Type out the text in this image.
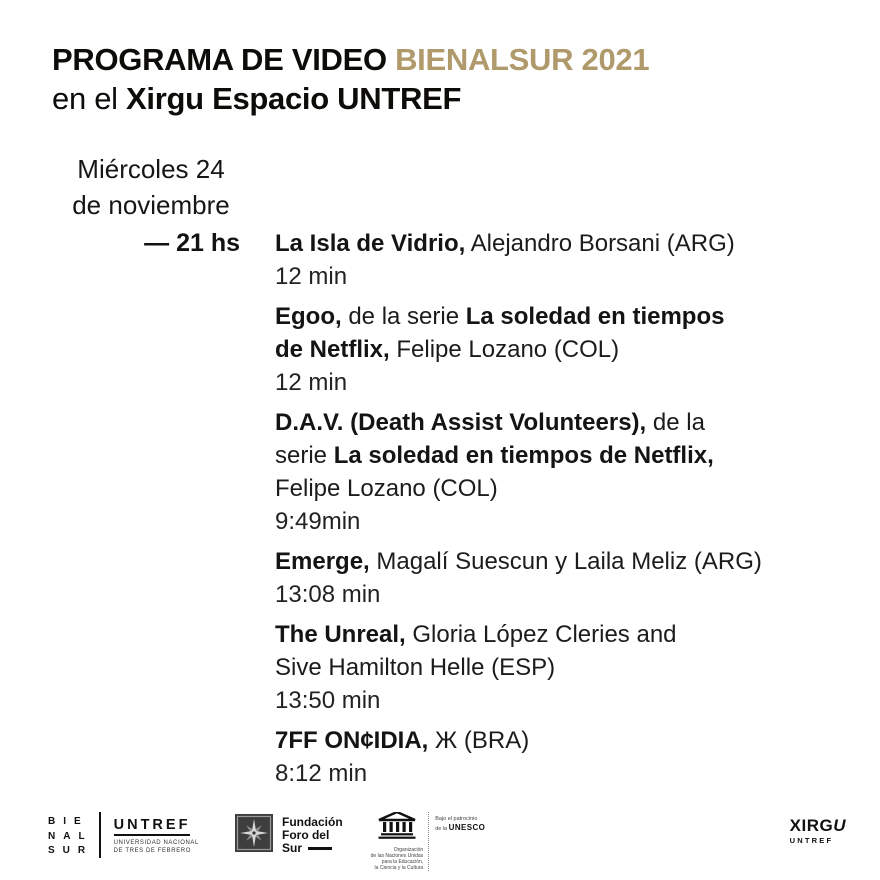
PROGRAMA DE VIDEO BIENALSUR 2021
en el Xirgu Espacio UNTREF
Miércoles 24
de noviembre
— 21 hs La Isla de Vidrio, Alejandro Borsani (ARG)
12 min
Egoo, de la serie La soledad en tiempos
de Netflix, Felipe Lozano (COL)
12 min
D.A.V. (Death Assist Volunteers), de la
serie La soledad en tiempos de Netflix,
Felipe Lozano (COL)
9:49min
Emerge, Magalí Suescun y Laila Meliz (ARG)
13:08 min
The Unreal, Gloria López Cleries and
Sive Hamilton Helle (ESP)
13:50 min
7FF ON¢IDIA, Ж (BRA)
8:12 min
BIE
NAL
SUR
UNTREF
UNIVERSIDAD NACIONAL
DE TRES DE FEBRERO
Fundación
Foro del
Sur	Organización
de las Naciones Unidas
para la Educación,
la Ciencia y la Cultura
Bajo el patrocinio
de la UNESCO	XIRGU
UNTREF
